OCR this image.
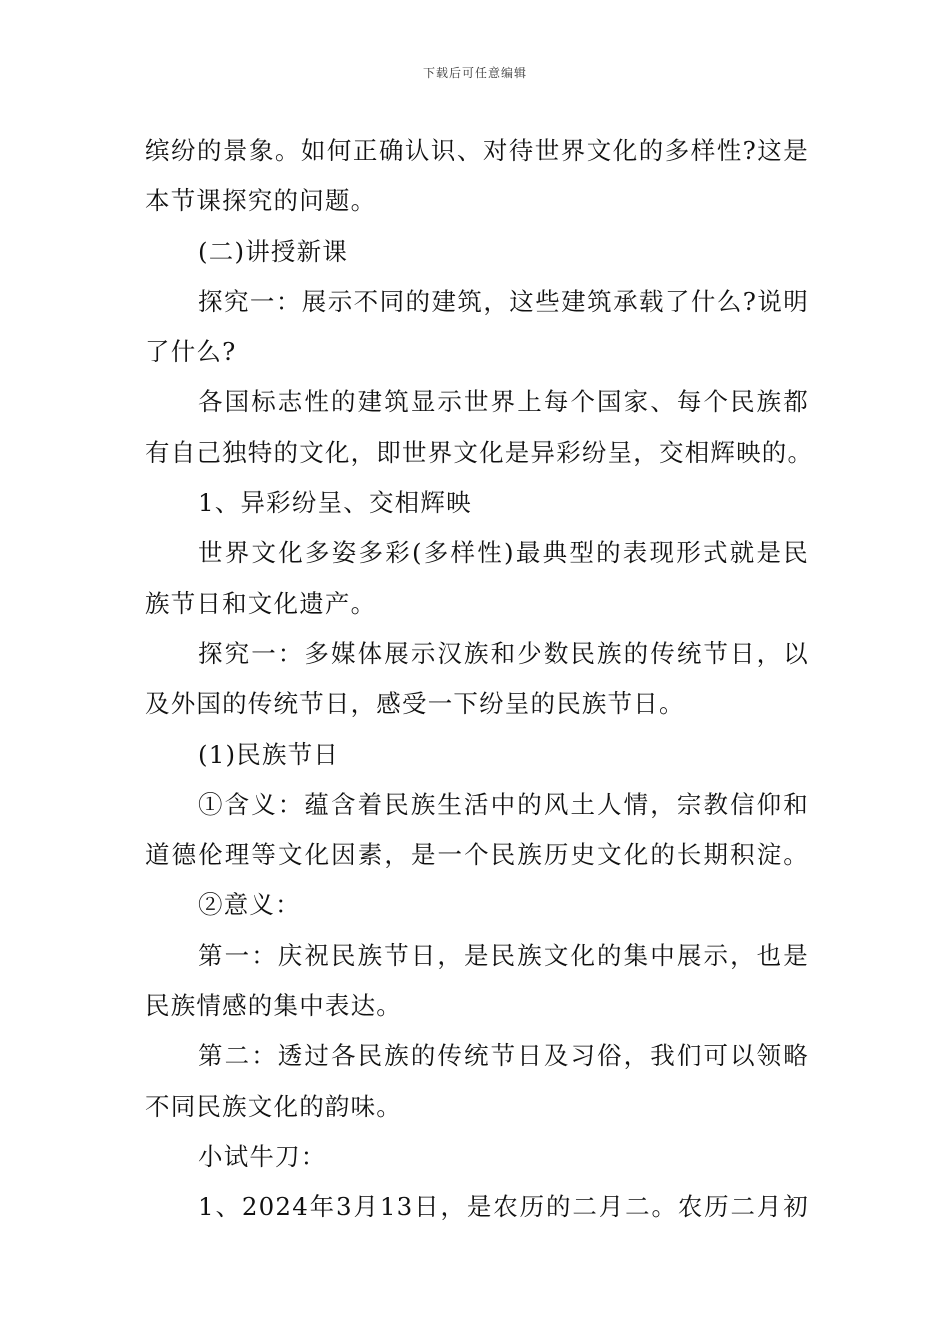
下载后可任意编辑
缤纷的景象。如何正确认识、对待世界文化的多样性?这是
本节课探究的问题。
(二)讲授新课
探究一：展示不同的建筑，这些建筑承载了什么?说明
了什么?
各国标志性的建筑显示世界上每个国家、每个民族都
有自己独特的文化，即世界文化是异彩纷呈，交相辉映的。
1、异彩纷呈、交相辉映
世界文化多姿多彩(多样性)最典型的表现形式就是民
族节日和文化遗产。
探究一：多媒体展示汉族和少数民族的传统节日，以
及外国的传统节日，感受一下纷呈的民族节日。
(1)民族节日
①含义：蕴含着民族生活中的风土人情，宗教信仰和
道德伦理等文化因素，是一个民族历史文化的长期积淀。
②意义：
第一：庆祝民族节日，是民族文化的集中展示，也是
民族情感的集中表达。
第二：透过各民族的传统节日及习俗，我们可以领略
不同民族文化的韵味。
小试牛刀：
1、2024年3月13日，是农历的二月二。农历二月初
